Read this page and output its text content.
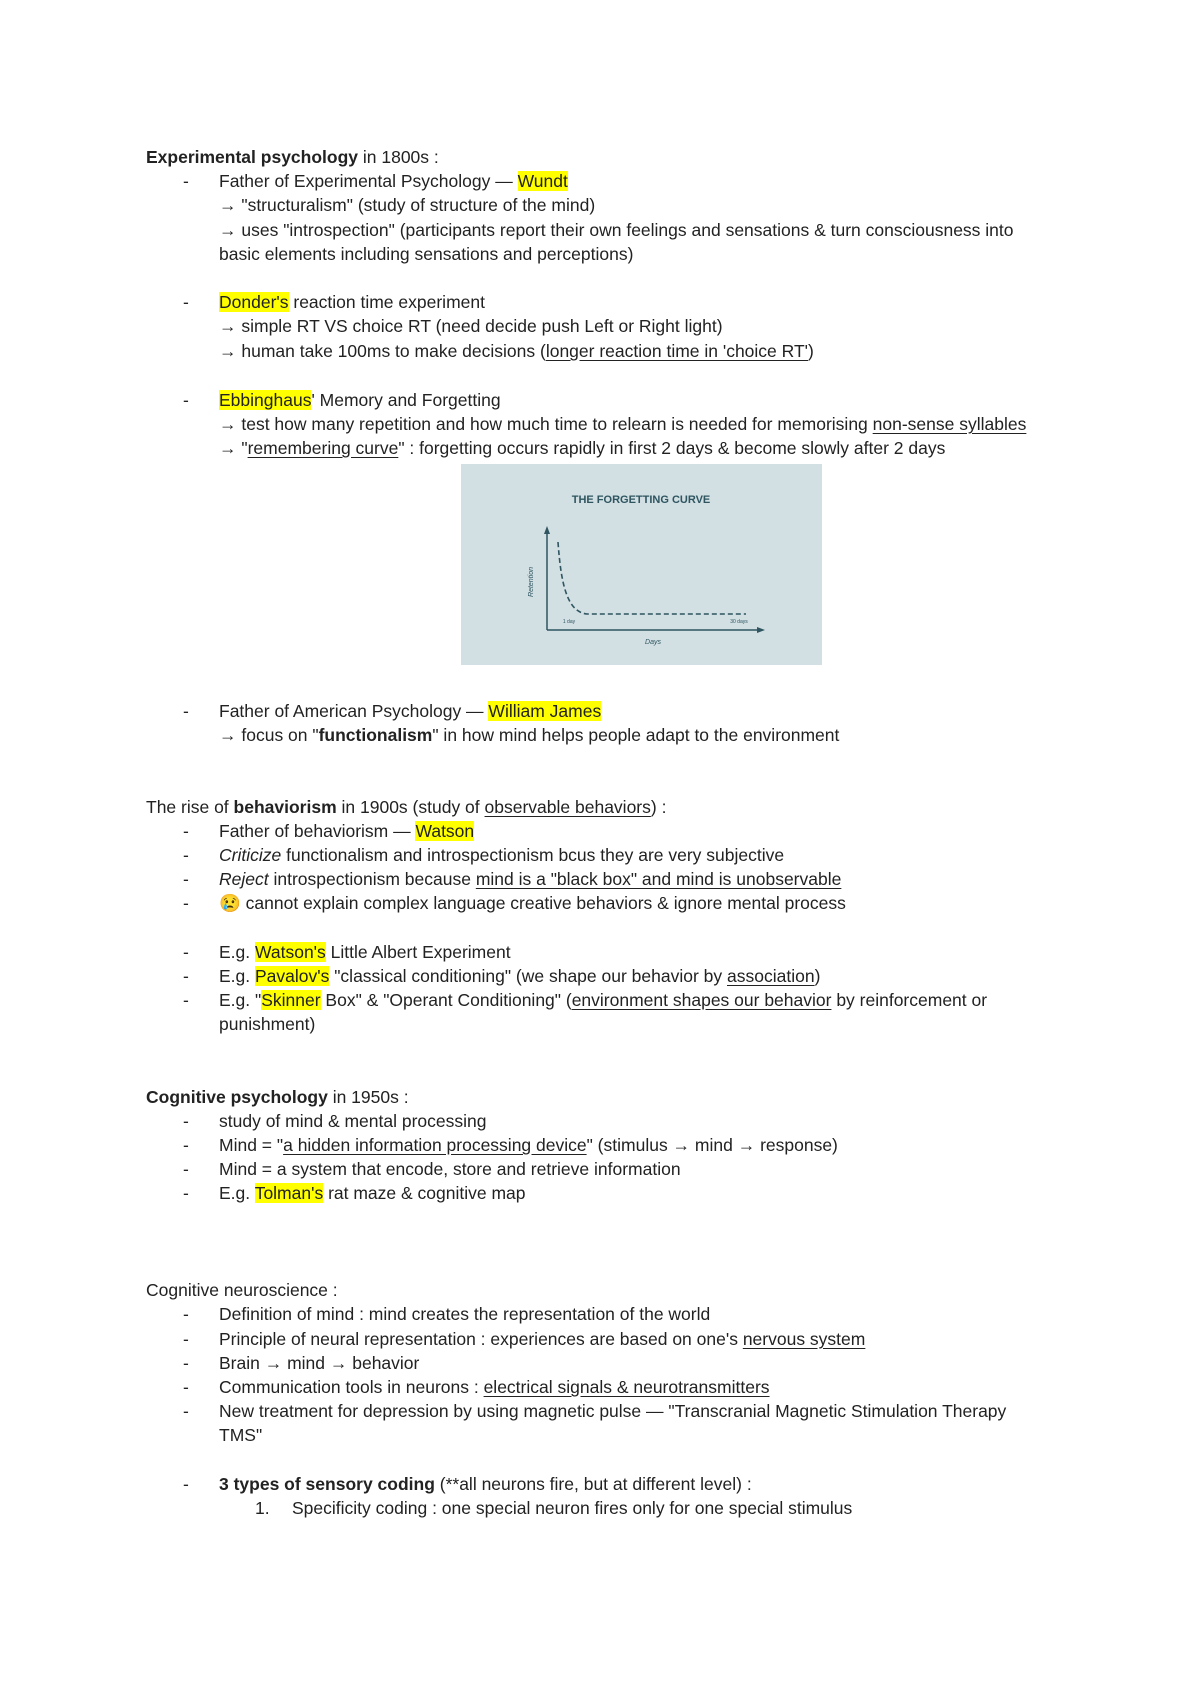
Experimental psychology in 1800s :
- Father of Experimental Psychology — Wundt
→ "structuralism" (study of structure of the mind)
→ uses "introspection" (participants report their own feelings and sensations & turn consciousness into
basic elements including sensations and perceptions)
- Donder's reaction time experiment
→ simple RT VS choice RT (need decide push Left or Right light)
→ human take 100ms to make decisions (longer reaction time in 'choice RT')
- Ebbinghaus' Memory and Forgetting
→ test how many repetition and how much time to relearn is needed for memorising non-sense syllables
→ "remembering curve" : forgetting occurs rapidly in first 2 days & become slowly after 2 days
THE FORGETTING CURVE
Retention
Days
1 day	30 days
- Father of American Psychology — William James
→ focus on "functionalism" in how mind helps people adapt to the environment
The rise of behaviorism in 1900s (study of observable behaviors) :
- Father of behaviorism — Watson
- Criticize functionalism and introspectionism bcus they are very subjective
- Reject introspectionism because mind is a "black box" and mind is unobservable
- 😢 cannot explain complex language creative behaviors & ignore mental process
- E.g. Watson's Little Albert Experiment
- E.g. Pavalov's "classical conditioning" (we shape our behavior by association)
- E.g. "Skinner Box" & "Operant Conditioning" (environment shapes our behavior by reinforcement or
punishment)
Cognitive psychology in 1950s :
- study of mind & mental processing
- Mind = "a hidden information processing device" (stimulus → mind → response)
- Mind = a system that encode, store and retrieve information
- E.g. Tolman's rat maze & cognitive map
Cognitive neuroscience :
- Definition of mind : mind creates the representation of the world
- Principle of neural representation : experiences are based on one's nervous system
- Brain → mind → behavior
- Communication tools in neurons : electrical signals & neurotransmitters
- New treatment for depression by using magnetic pulse — "Transcranial Magnetic Stimulation Therapy
TMS"
- 3 types of sensory coding (**all neurons fire, but at different level) :
1. Specificity coding : one special neuron fires only for one special stimulus
